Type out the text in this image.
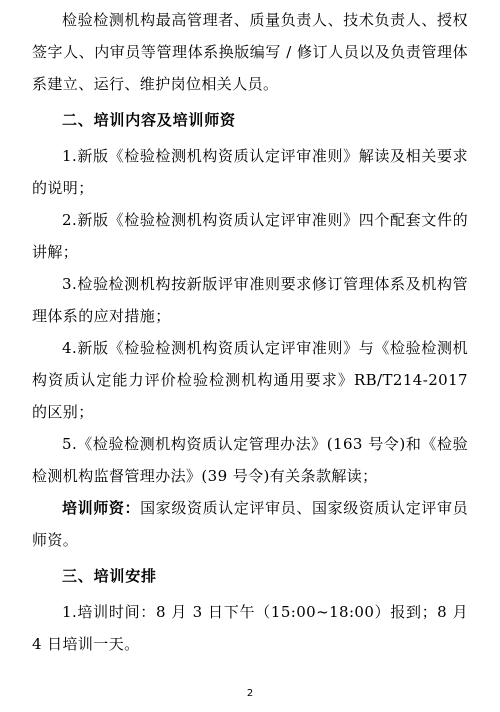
检验检测机构最高管理者、质量负责人、技术负责人、授权签字人、内审员等管理体系换版编写 / 修订人员以及负责管理体系建立、运行、维护岗位相关人员。

二、培训内容及培训师资

1.新版《检验检测机构资质认定评审准则》解读及相关要求的说明；

2.新版《检验检测机构资质认定评审准则》四个配套文件的讲解；

3.检验检测机构按新版评审准则要求修订管理体系及机构管理体系的应对措施；

4.新版《检验检测机构资质认定评审准则》与《检验检测机构资质认定能力评价检验检测机构通用要求》RB/T214-2017的区别；

5.《检验检测机构资质认定管理办法》(163 号令)和《检验检测机构监督管理办法》(39 号令)有关条款解读；

培训师资：国家级资质认定评审员、国家级资质认定评审员师资。

三、培训安排

1.培训时间：8 月 3 日下午（15:00~18:00）报到；8 月 4 日培训一天。

2
